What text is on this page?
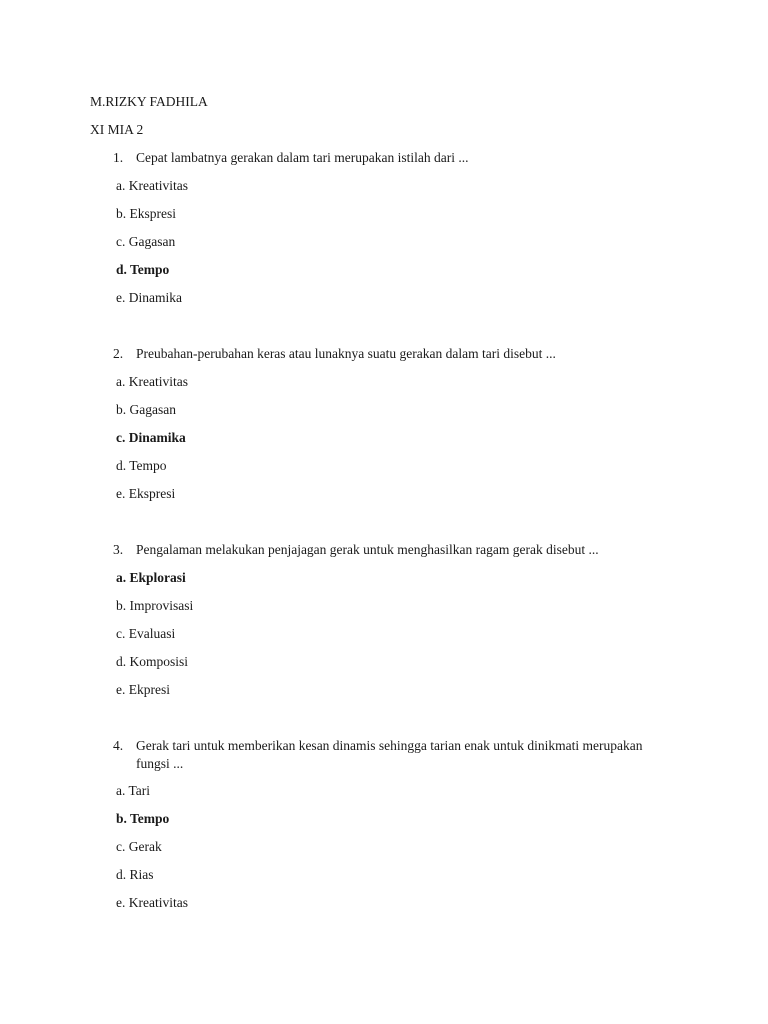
M.RIZKY FADHILA
XI MIA 2
1. Cepat lambatnya gerakan dalam tari merupakan istilah dari ...
a. Kreativitas
b. Ekspresi
c. Gagasan
d. Tempo
e. Dinamika
2. Preubahan-perubahan keras atau lunaknya suatu gerakan dalam tari disebut ...
a. Kreativitas
b. Gagasan
c. Dinamika
d. Tempo
e. Ekspresi
3. Pengalaman melakukan penjajagan gerak untuk menghasilkan ragam gerak disebut ...
a. Ekplorasi
b. Improvisasi
c. Evaluasi
d. Komposisi
e. Ekpresi
4. Gerak tari untuk memberikan kesan dinamis sehingga tarian enak untuk dinikmati merupakan fungsi ...
a. Tari
b. Tempo
c. Gerak
d. Rias
e. Kreativitas
